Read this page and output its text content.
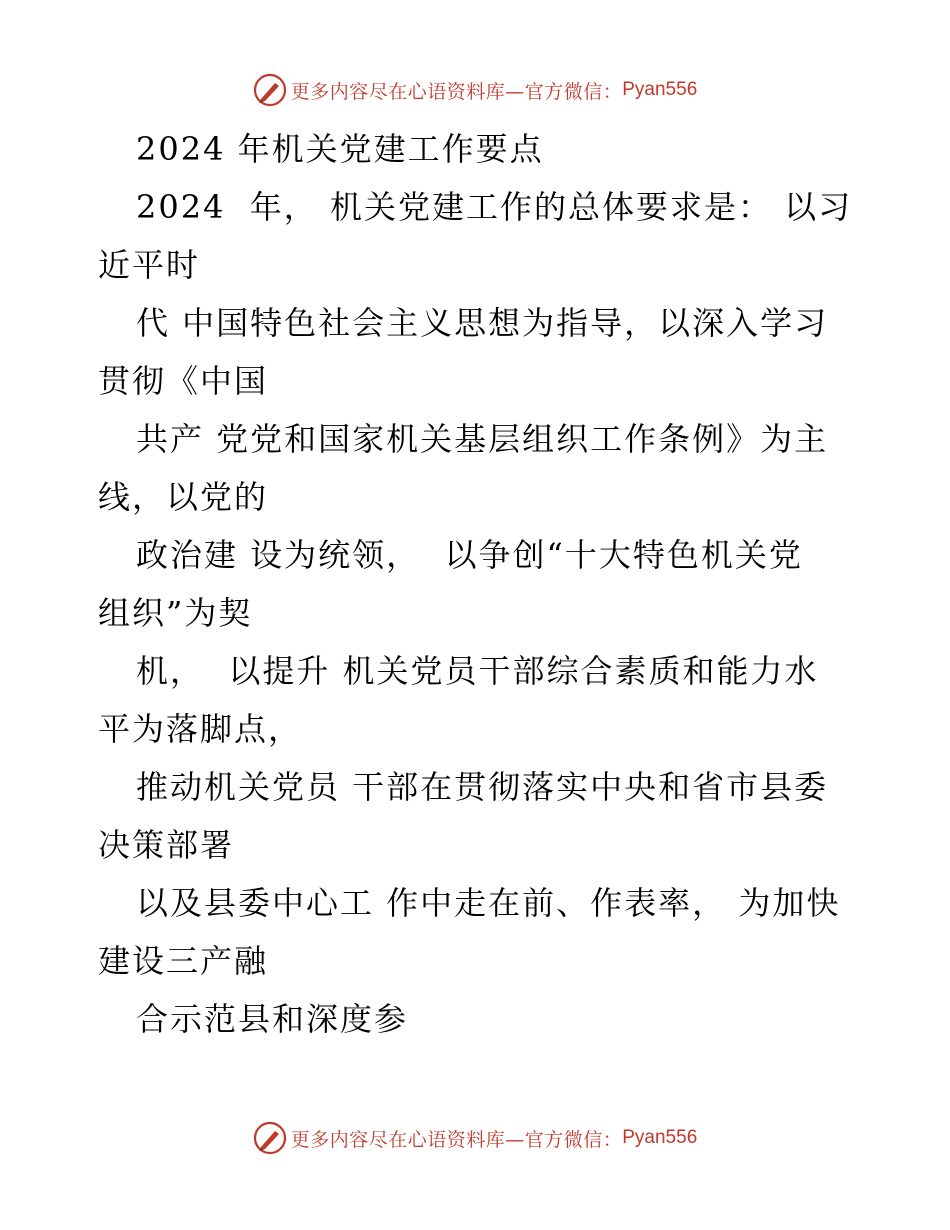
更多内容尽在心语资料库—官方微信： Pyan556
2024 年机关党建工作要点
2024  年， 机关党建工作的总体要求是： 以习
近平时
代 中国特色社会主义思想为指导，以深入学习
贯彻《中国
共产 党党和国家机关基层组织工作条例》为主
线，以党的
政治建 设为统领，  以争创“十大特色机关党
组织”为契
机，  以提升 机关党员干部综合素质和能力水
平为落脚点，
推动机关党员 干部在贯彻落实中央和省市县委
决策部署
以及县委中心工 作中走在前、作表率， 为加快
建设三产融
合示范县和深度参
更多内容尽在心语资料库—官方微信： Pyan556
